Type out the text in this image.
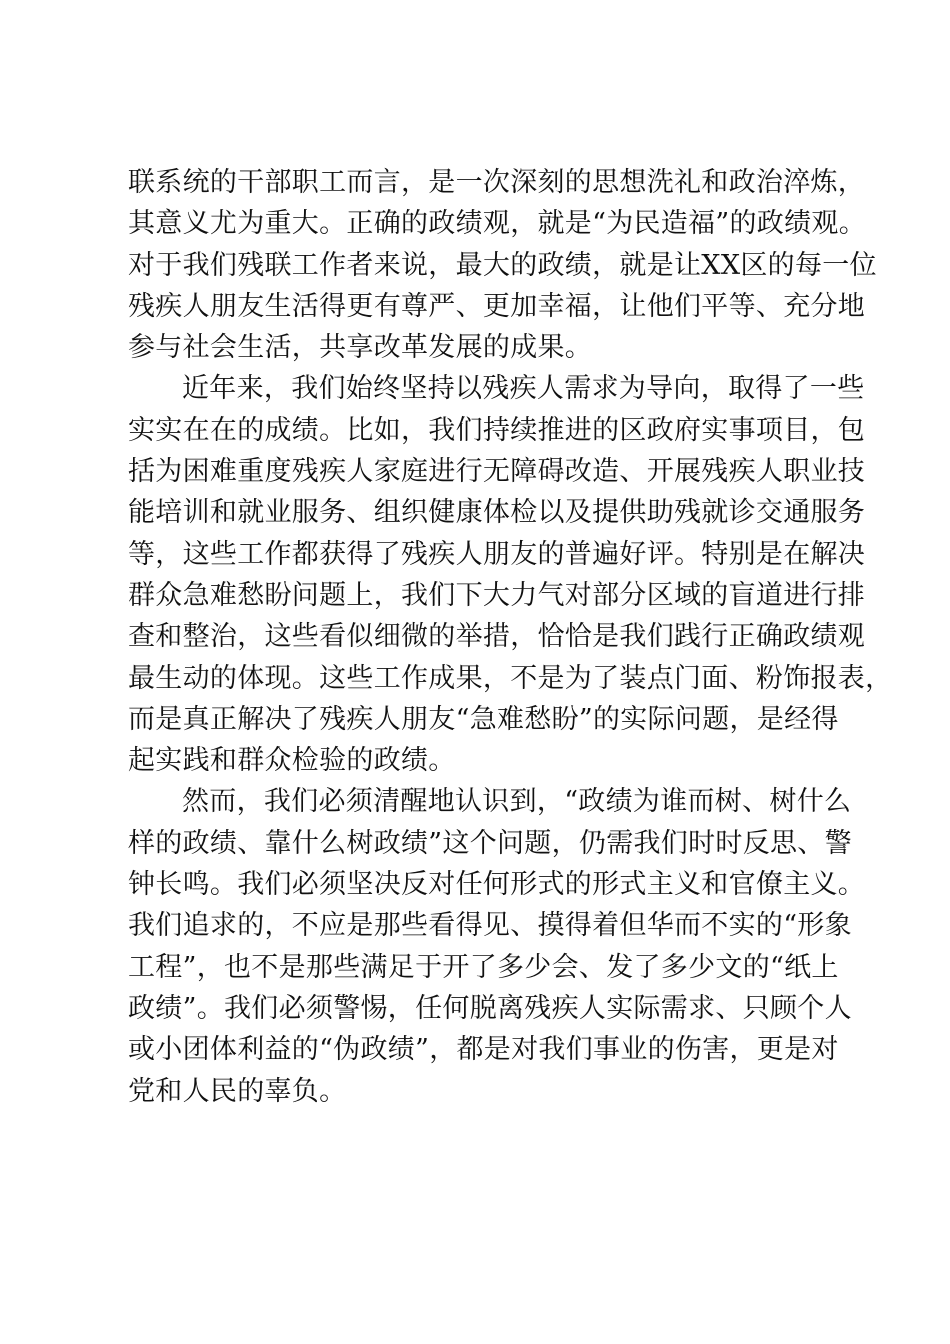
联系统的干部职工而言，是一次深刻的思想洗礼和政治淬炼，
其意义尤为重大。正确的政绩观，就是“为民造福”的政绩观。
对于我们残联工作者来说，最大的政绩，就是让XX区的每一位
残疾人朋友生活得更有尊严、更加幸福，让他们平等、充分地
参与社会生活，共享改革发展的成果。
近年来，我们始终坚持以残疾人需求为导向，取得了一些
实实在在的成绩。比如，我们持续推进的区政府实事项目，包
括为困难重度残疾人家庭进行无障碍改造、开展残疾人职业技
能培训和就业服务、组织健康体检以及提供助残就诊交通服务
等，这些工作都获得了残疾人朋友的普遍好评。特别是在解决
群众急难愁盼问题上，我们下大力气对部分区域的盲道进行排
查和整治，这些看似细微的举措，恰恰是我们践行正确政绩观
最生动的体现。这些工作成果，不是为了装点门面、粉饰报表，
而是真正解决了残疾人朋友“急难愁盼”的实际问题，是经得
起实践和群众检验的政绩。
然而，我们必须清醒地认识到，“政绩为谁而树、树什么
样的政绩、靠什么树政绩”这个问题，仍需我们时时反思、警
钟长鸣。我们必须坚决反对任何形式的形式主义和官僚主义。
我们追求的，不应是那些看得见、摸得着但华而不实的“形象
工程”，也不是那些满足于开了多少会、发了多少文的“纸上
政绩”。我们必须警惕，任何脱离残疾人实际需求、只顾个人
或小团体利益的“伪政绩”，都是对我们事业的伤害，更是对
党和人民的辜负。
